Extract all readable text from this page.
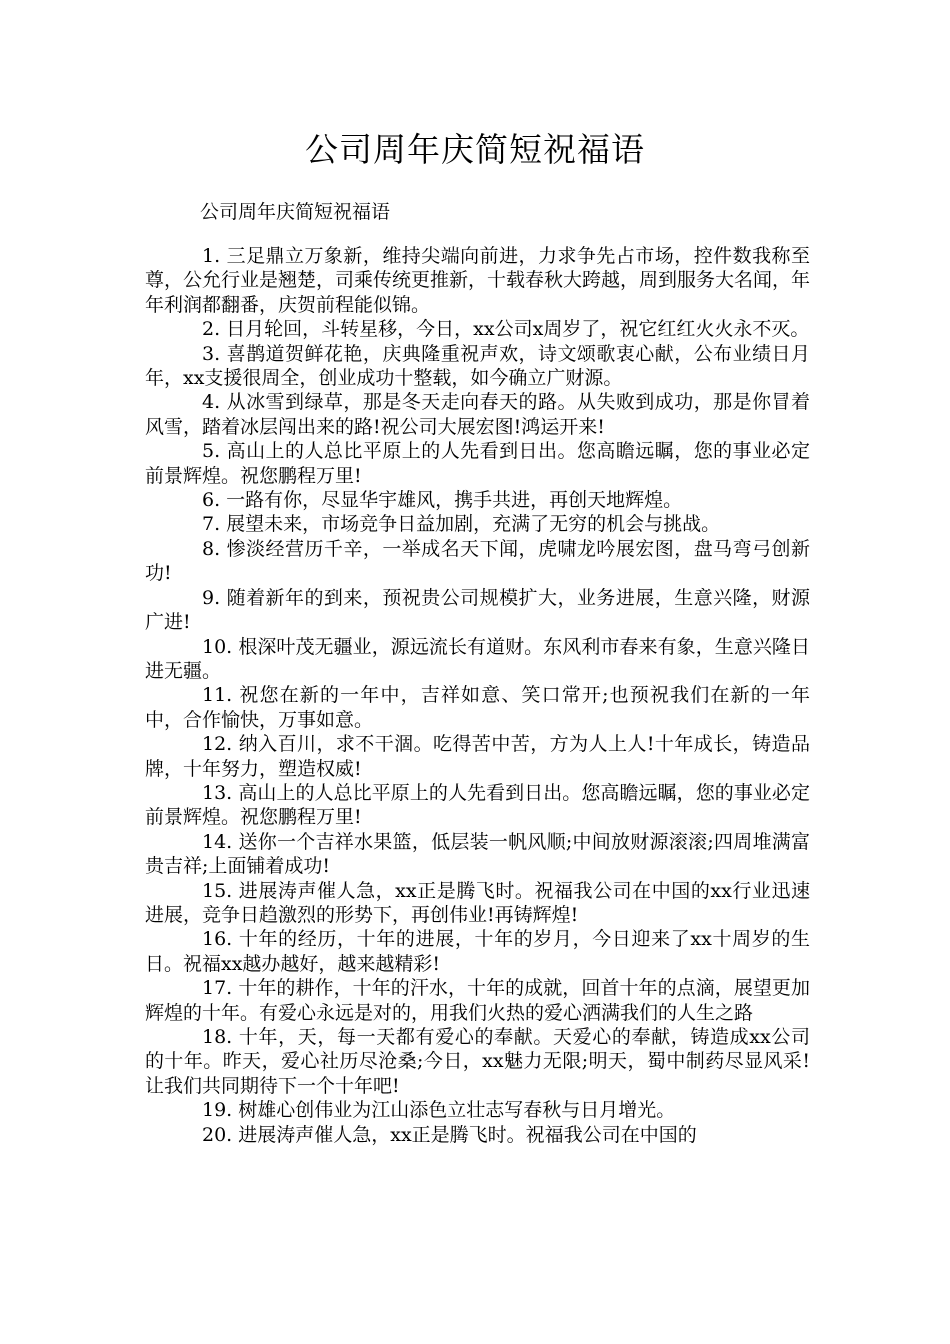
公司周年庆简短祝福语
公司周年庆简短祝福语

1. 三足鼎立万象新，维持尖端向前进，力求争先占市场，控件数我称至尊，公允行业是翘楚，司乘传统更推新，十载春秋大跨越，周到服务大名闻，年年利润都翻番，庆贺前程能似锦。

2. 日月轮回，斗转星移，今日，xx公司x周岁了，祝它红红火火永不灭。

3. 喜鹊道贺鲜花艳，庆典隆重祝声欢，诗文颂歌衷心献，公布业绩日月年，xx支援很周全，创业成功十整载，如今确立广财源。

4. 从冰雪到绿草，那是冬天走向春天的路。从失败到成功，那是你冒着风雪，踏着冰层闯出来的路!祝公司大展宏图!鸿运开来!

5. 高山上的人总比平原上的人先看到日出。您高瞻远瞩，您的事业必定前景辉煌。祝您鹏程万里!

6. 一路有你，尽显华宇雄风，携手共进，再创天地辉煌。

7. 展望未来，市场竞争日益加剧，充满了无穷的机会与挑战。

8. 惨淡经营历千辛，一举成名天下闻，虎啸龙吟展宏图，盘马弯弓创新功!

9. 随着新年的到来，预祝贵公司规模扩大，业务进展，生意兴隆，财源广进!

10. 根深叶茂无疆业，源远流长有道财。东风利市春来有象，生意兴隆日进无疆。

11. 祝您在新的一年中，吉祥如意、笑口常开;也预祝我们在新的一年中，合作愉快，万事如意。

12. 纳入百川，求不干涸。吃得苦中苦，方为人上人!十年成长，铸造品牌，十年努力，塑造权威!

13. 高山上的人总比平原上的人先看到日出。您高瞻远瞩，您的事业必定前景辉煌。祝您鹏程万里!

14. 送你一个吉祥水果篮，低层装一帆风顺;中间放财源滚滚;四周堆满富贵吉祥;上面铺着成功!

15. 进展涛声催人急，xx正是腾飞时。祝福我公司在中国的xx行业迅速进展，竞争日趋激烈的形势下，再创伟业!再铸辉煌!

16. 十年的经历，十年的进展，十年的岁月，今日迎来了xx十周岁的生日。祝福xx越办越好，越来越精彩!

17. 十年的耕作，十年的汗水，十年的成就，回首十年的点滴，展望更加辉煌的十年。有爱心永远是对的，用我们火热的爱心洒满我们的人生之路

18. 十年，天，每一天都有爱心的奉献。天爱心的奉献，铸造成xx公司的十年。昨天，爱心社历尽沧桑;今日，xx魅力无限;明天，蜀中制药尽显风采!让我们共同期待下一个十年吧!

19. 树雄心创伟业为江山添色立壮志写春秋与日月增光。

20. 进展涛声催人急，xx正是腾飞时。祝福我公司在中国的
